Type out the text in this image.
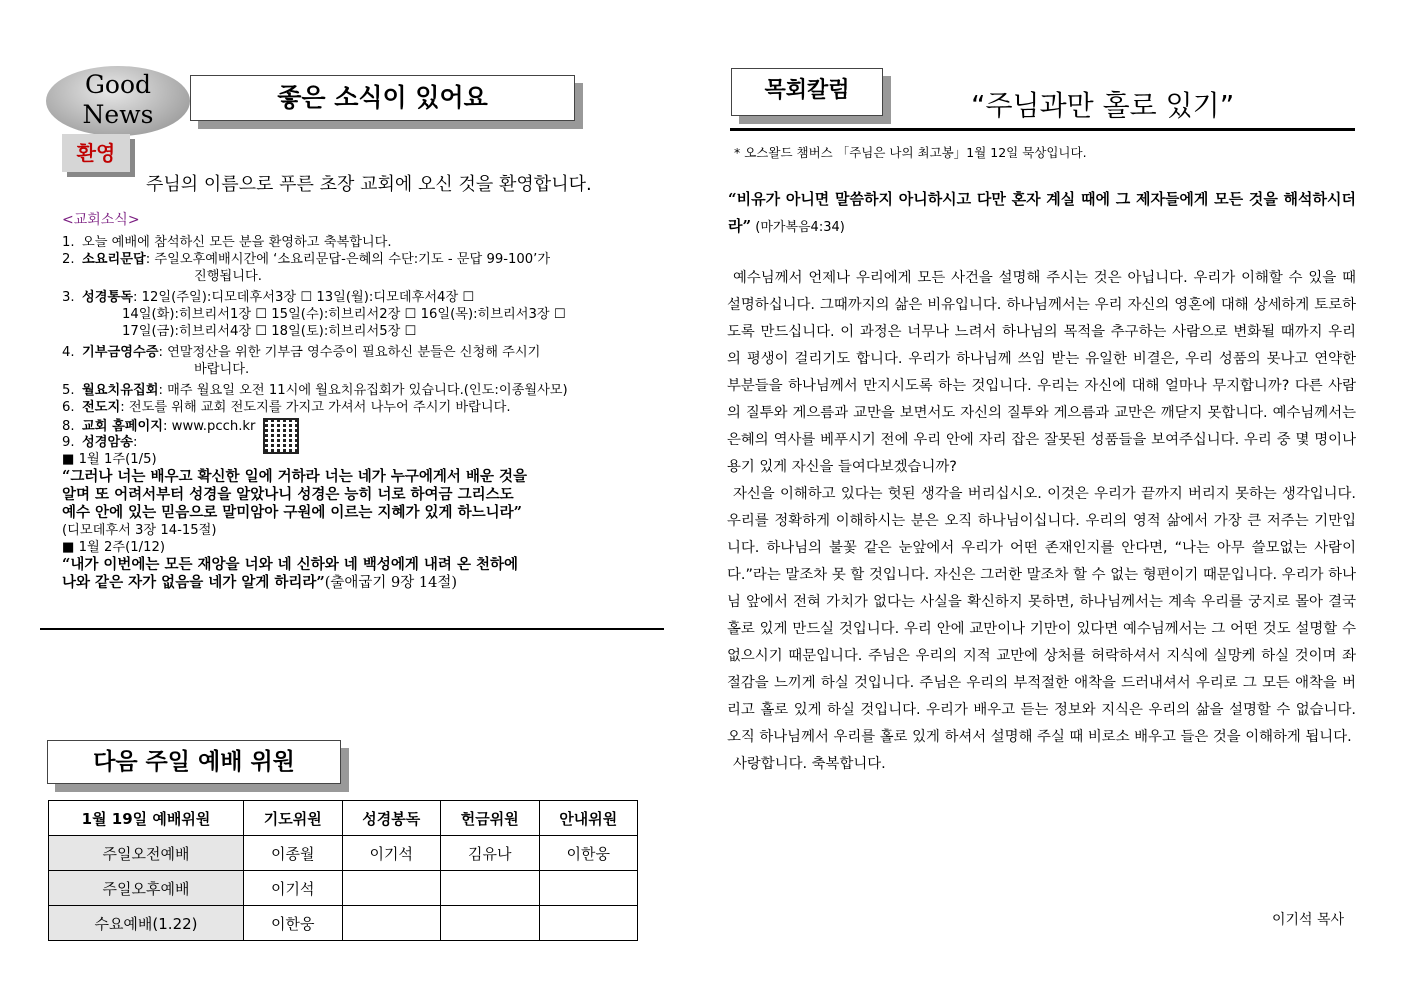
Good
News
좋은 소식이 있어요
환영
주님의 이름으로 푸른 초장 교회에 오신 것을 환영합니다.
<교회소식>
1. 오늘 예배에 참석하신 모든 분을 환영하고 축복합니다.
2. 소요리문답 : 주일오후예배시간에 ‘소요리문답-은혜의 수단:기도 - 문답 99-100’가
진행됩니다.
3. 성경통독 : 12일(주일):디모데후서3장 ☐ 13일(월):디모데후서4장 ☐
14일(화):히브리서1장 ☐ 15일(수):히브리서2장 ☐ 16일(목):히브리서3장 ☐
17일(금):히브리서4장 ☐ 18일(토):히브리서5장 ☐
4. 기부금영수증 : 연말정산을 위한 기부금 영수증이 필요하신 분들은 신청해 주시기
바랍니다.
5. 월요치유집회 : 매주 월요일 오전 11시에 월요치유집회가 있습니다.(인도:이종월사모)
6. 전도지 : 전도를 위해 교회 전도지를 가지고 가셔서 나누어 주시기 바랍니다.
8. 교회 홈페이지 : www.pcch.kr
9. 성경암송 :
■ 1월 1주(1/5)
“그러나 너는 배우고 확신한 일에 거하라 너는 네가 누구에게서 배운 것을
알며 또 어려서부터 성경을 알았나니 성경은 능히 너로 하여금 그리스도
예수 안에 있는 믿음으로 말미암아 구원에 이르는 지혜가 있게 하느니라”
(디모데후서 3장 14-15절)
■ 1월 2주(1/12)
“내가 이번에는 모든 재앙을 너와 네 신하와 네 백성에게 내려 온 천하에
나와 같은 자가 없음을 네가 알게 하리라”(출애굽기 9장 14절)
다음 주일 예배 위원
1월 19일 예배위원	기도위원	성경봉독	헌금위원	안내위원
주일오전예배	이종월	이기석	김유나	이한웅
주일오후예배	이기석			
수요예배(1.22)	이한웅			
목회칼럼	“주님과만 홀로 있기”
* 오스왈드 챔버스 「주님은 나의 최고봉」1월 12일 묵상입니다.
“비유가 아니면 말씀하지 아니하시고 다만 혼자 계실 때에 그 제자들에게 모든 것을 해석하시더라” (마가복음4:34)

예수님께서 언제나 우리에게 모든 사건을 설명해 주시는 것은 아닙니다. 우리가 이해할 수 있을 때 설명하십니다. 그때까지의 삶은 비유입니다. 하나님께서는 우리 자신의 영혼에 대해 상세하게 토로하도록 만드십니다. 이 과정은 너무나 느려서 하나님의 목적을 추구하는 사람으로 변화될 때까지 우리의 평생이 걸리기도 합니다. 우리가 하나님께 쓰임 받는 유일한 비결은, 우리 성품의 못나고 연약한 부분들을 하나님께서 만지시도록 하는 것입니다. 우리는 자신에 대해 얼마나 무지합니까? 다른 사람의 질투와 게으름과 교만을 보면서도 자신의 질투와 게으름과 교만은 깨닫지 못합니다. 예수님께서는 은혜의 역사를 베푸시기 전에 우리 안에 자리 잡은 잘못된 성품들을 보여주십니다. 우리 중 몇 명이나 용기 있게 자신을 들여다보겠습니까?

자신을 이해하고 있다는 헛된 생각을 버리십시오. 이것은 우리가 끝까지 버리지 못하는 생각입니다. 우리를 정확하게 이해하시는 분은 오직 하나님이십니다. 우리의 영적 삶에서 가장 큰 저주는 기만입니다. 하나님의 불꽃 같은 눈앞에서 우리가 어떤 존재인지를 안다면, “나는 아무 쓸모없는 사람이다.”라는 말조차 못 할 것입니다. 자신은 그러한 말조차 할 수 없는 형편이기 때문입니다. 우리가 하나님 앞에서 전혀 가치가 없다는 사실을 확신하지 못하면, 하나님께서는 계속 우리를 궁지로 몰아 결국 홀로 있게 만드실 것입니다. 우리 안에 교만이나 기만이 있다면 예수님께서는 그 어떤 것도 설명할 수 없으시기 때문입니다. 주님은 우리의 지적 교만에 상처를 허락하셔서 지식에 실망케 하실 것이며 좌절감을 느끼게 하실 것입니다. 주님은 우리의 부적절한 애착을 드러내셔서 우리로 그 모든 애착을 버리고 홀로 있게 하실 것입니다. 우리가 배우고 듣는 정보와 지식은 우리의 삶을 설명할 수 없습니다. 오직 하나님께서 우리를 홀로 있게 하셔서 설명해 주실 때 비로소 배우고 들은 것을 이해하게 됩니다.

사랑합니다. 축복합니다.

이기석 목사
